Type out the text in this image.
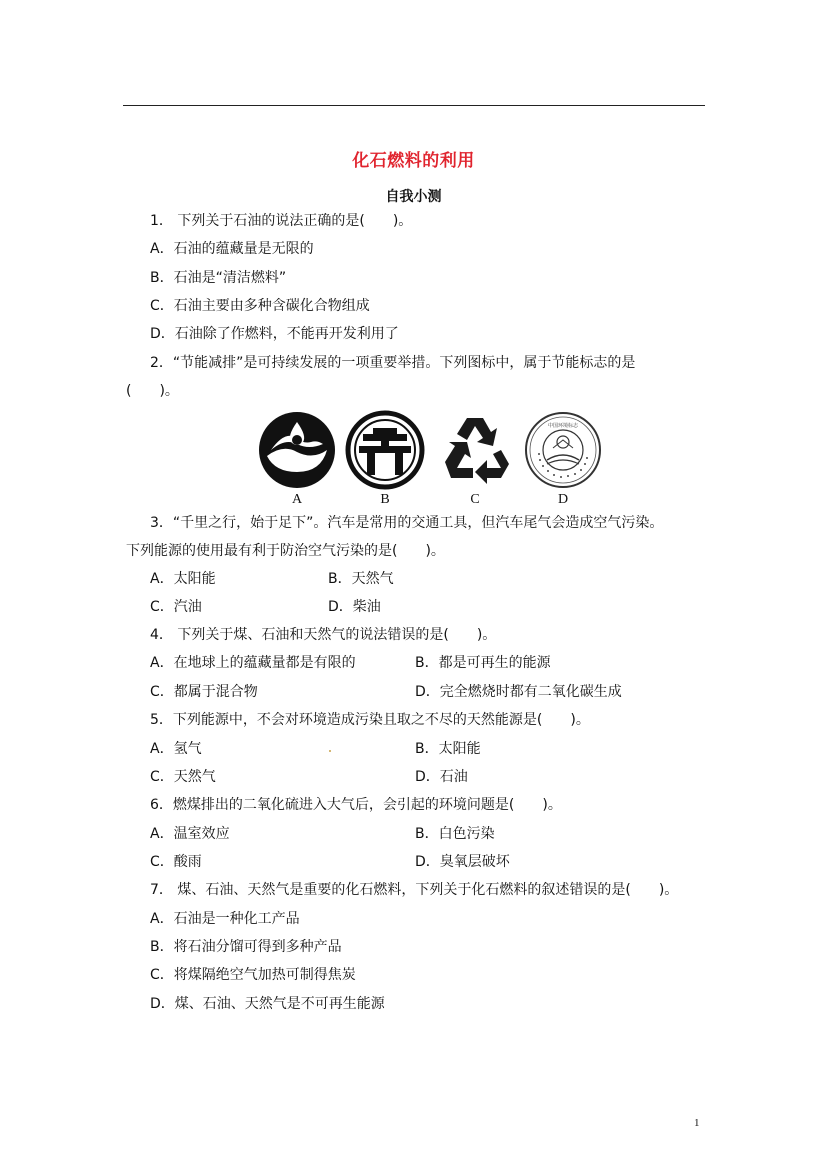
化石燃料的利用
自我小测
1． 下列关于石油的说法正确的是(　　)。
A．石油的蕴藏量是无限的
B．石油是“清洁燃料”
C．石油主要由多种含碳化合物组成
D．石油除了作燃料，不能再开发利用了
2．“节能减排”是可持续发展的一项重要举措。下列图标中，属于节能标志的是
(　　)。
A	B	C
中国环境标志
D
3．“千里之行，始于足下”。汽车是常用的交通工具，但汽车尾气会造成空气污染。
下列能源的使用最有利于防治空气污染的是(　　)。
A．太阳能	B．天然气
C．汽油	D．柴油
4． 下列关于煤、石油和天然气的说法错误的是(　　)。
A．在地球上的蕴藏量都是有限的	B．都是可再生的能源
C．都属于混合物	D．完全燃烧时都有二氧化碳生成
5．下列能源中，不会对环境造成污染且取之不尽的天然能源是(　　)。
A．氢气	B．太阳能
C．天然气	D．石油
6．燃煤排出的二氧化硫进入大气后，会引起的环境问题是(　　)。
A．温室效应	B．白色污染
C．酸雨	D．臭氧层破坏
7． 煤、石油、天然气是重要的化石燃料，下列关于化石燃料的叙述错误的是(　　)。
A．石油是一种化工产品
B．将石油分馏可得到多种产品
C．将煤隔绝空气加热可制得焦炭
D．煤、石油、天然气是不可再生能源
1
